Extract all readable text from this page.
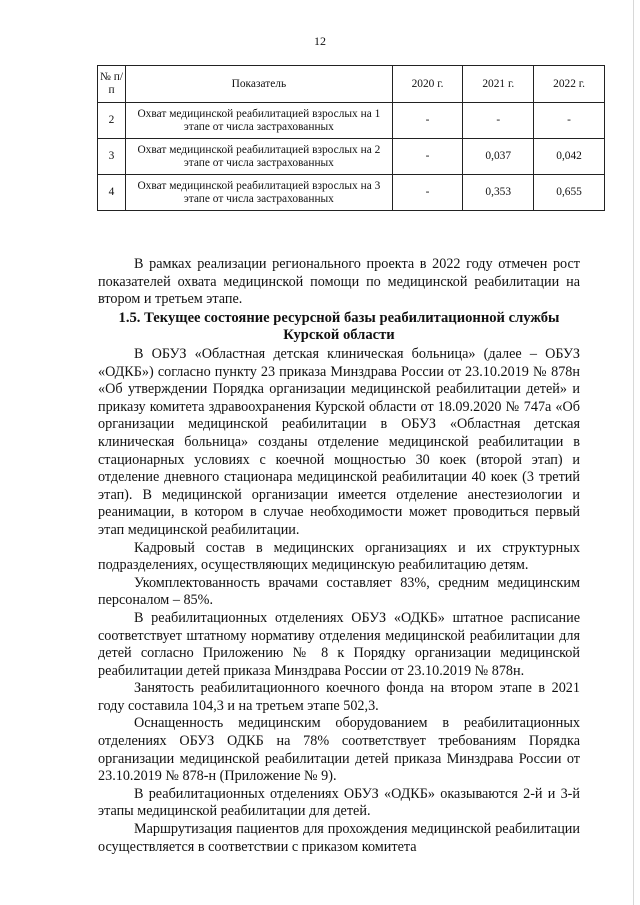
12
№ п/п	Показатель	2020 г.	2021 г.	2022 г.
2	Охват медицинской реабилитацией взрослых на 1 этапе от числа застрахованных	-	-	-
3	Охват медицинской реабилитацией взрослых на 2 этапе от числа застрахованных	-	0,037	0,042
4	Охват медицинской реабилитацией взрослых на 3 этапе от числа застрахованных	-	0,353	0,655

В рамках реализации регионального проекта в 2022 году отмечен рост показателей охвата медицинской помощи по медицинской реабилитации на втором и третьем этапе.

1.5. Текущее состояние ресурсной базы реабилитационной службы Курской области

В ОБУЗ «Областная детская клиническая больница» (далее – ОБУЗ «ОДКБ») согласно пункту 23 приказа Минздрава России от 23.10.2019 № 878н «Об утверждении Порядка организации медицинской реабилитации детей» и приказу комитета здравоохранения Курской области от 18.09.2020 № 747а «Об организации медицинской реабилитации в ОБУЗ «Областная детская клиническая больница» созданы отделение медицинской реабилитации в стационарных условиях с коечной мощностью 30 коек (второй этап) и отделение дневного стационара медицинской реабилитации 40 коек (3 третий этап). В медицинской организации имеется отделение анестезиологии и реанимации, в котором в случае необходимости может проводиться первый этап медицинской реабилитации.

Кадровый состав в медицинских организациях и их структурных подразделениях, осуществляющих медицинскую реабилитацию детям.

Укомплектованность врачами составляет 83%, средним медицинским персоналом – 85%.

В реабилитационных отделениях ОБУЗ «ОДКБ» штатное расписание соответствует штатному нормативу отделения медицинской реабилитации для детей согласно Приложению № 8 к Порядку организации медицинской реабилитации детей приказа Минздрава России от 23.10.2019 № 878н.

Занятость реабилитационного коечного фонда на втором этапе в 2021 году составила 104,3 и на третьем этапе 502,3.

Оснащенность медицинским оборудованием в реабилитационных отделениях ОБУЗ ОДКБ на 78% соответствует требованиям Порядка организации медицинской реабилитации детей приказа Минздрава России от 23.10.2019 № 878-н (Приложение № 9).

В реабилитационных отделениях ОБУЗ «ОДКБ» оказываются 2-й и 3-й этапы медицинской реабилитации для детей.

Маршрутизация пациентов для прохождения медицинской реабилитации осуществляется в соответствии с приказом комитета
